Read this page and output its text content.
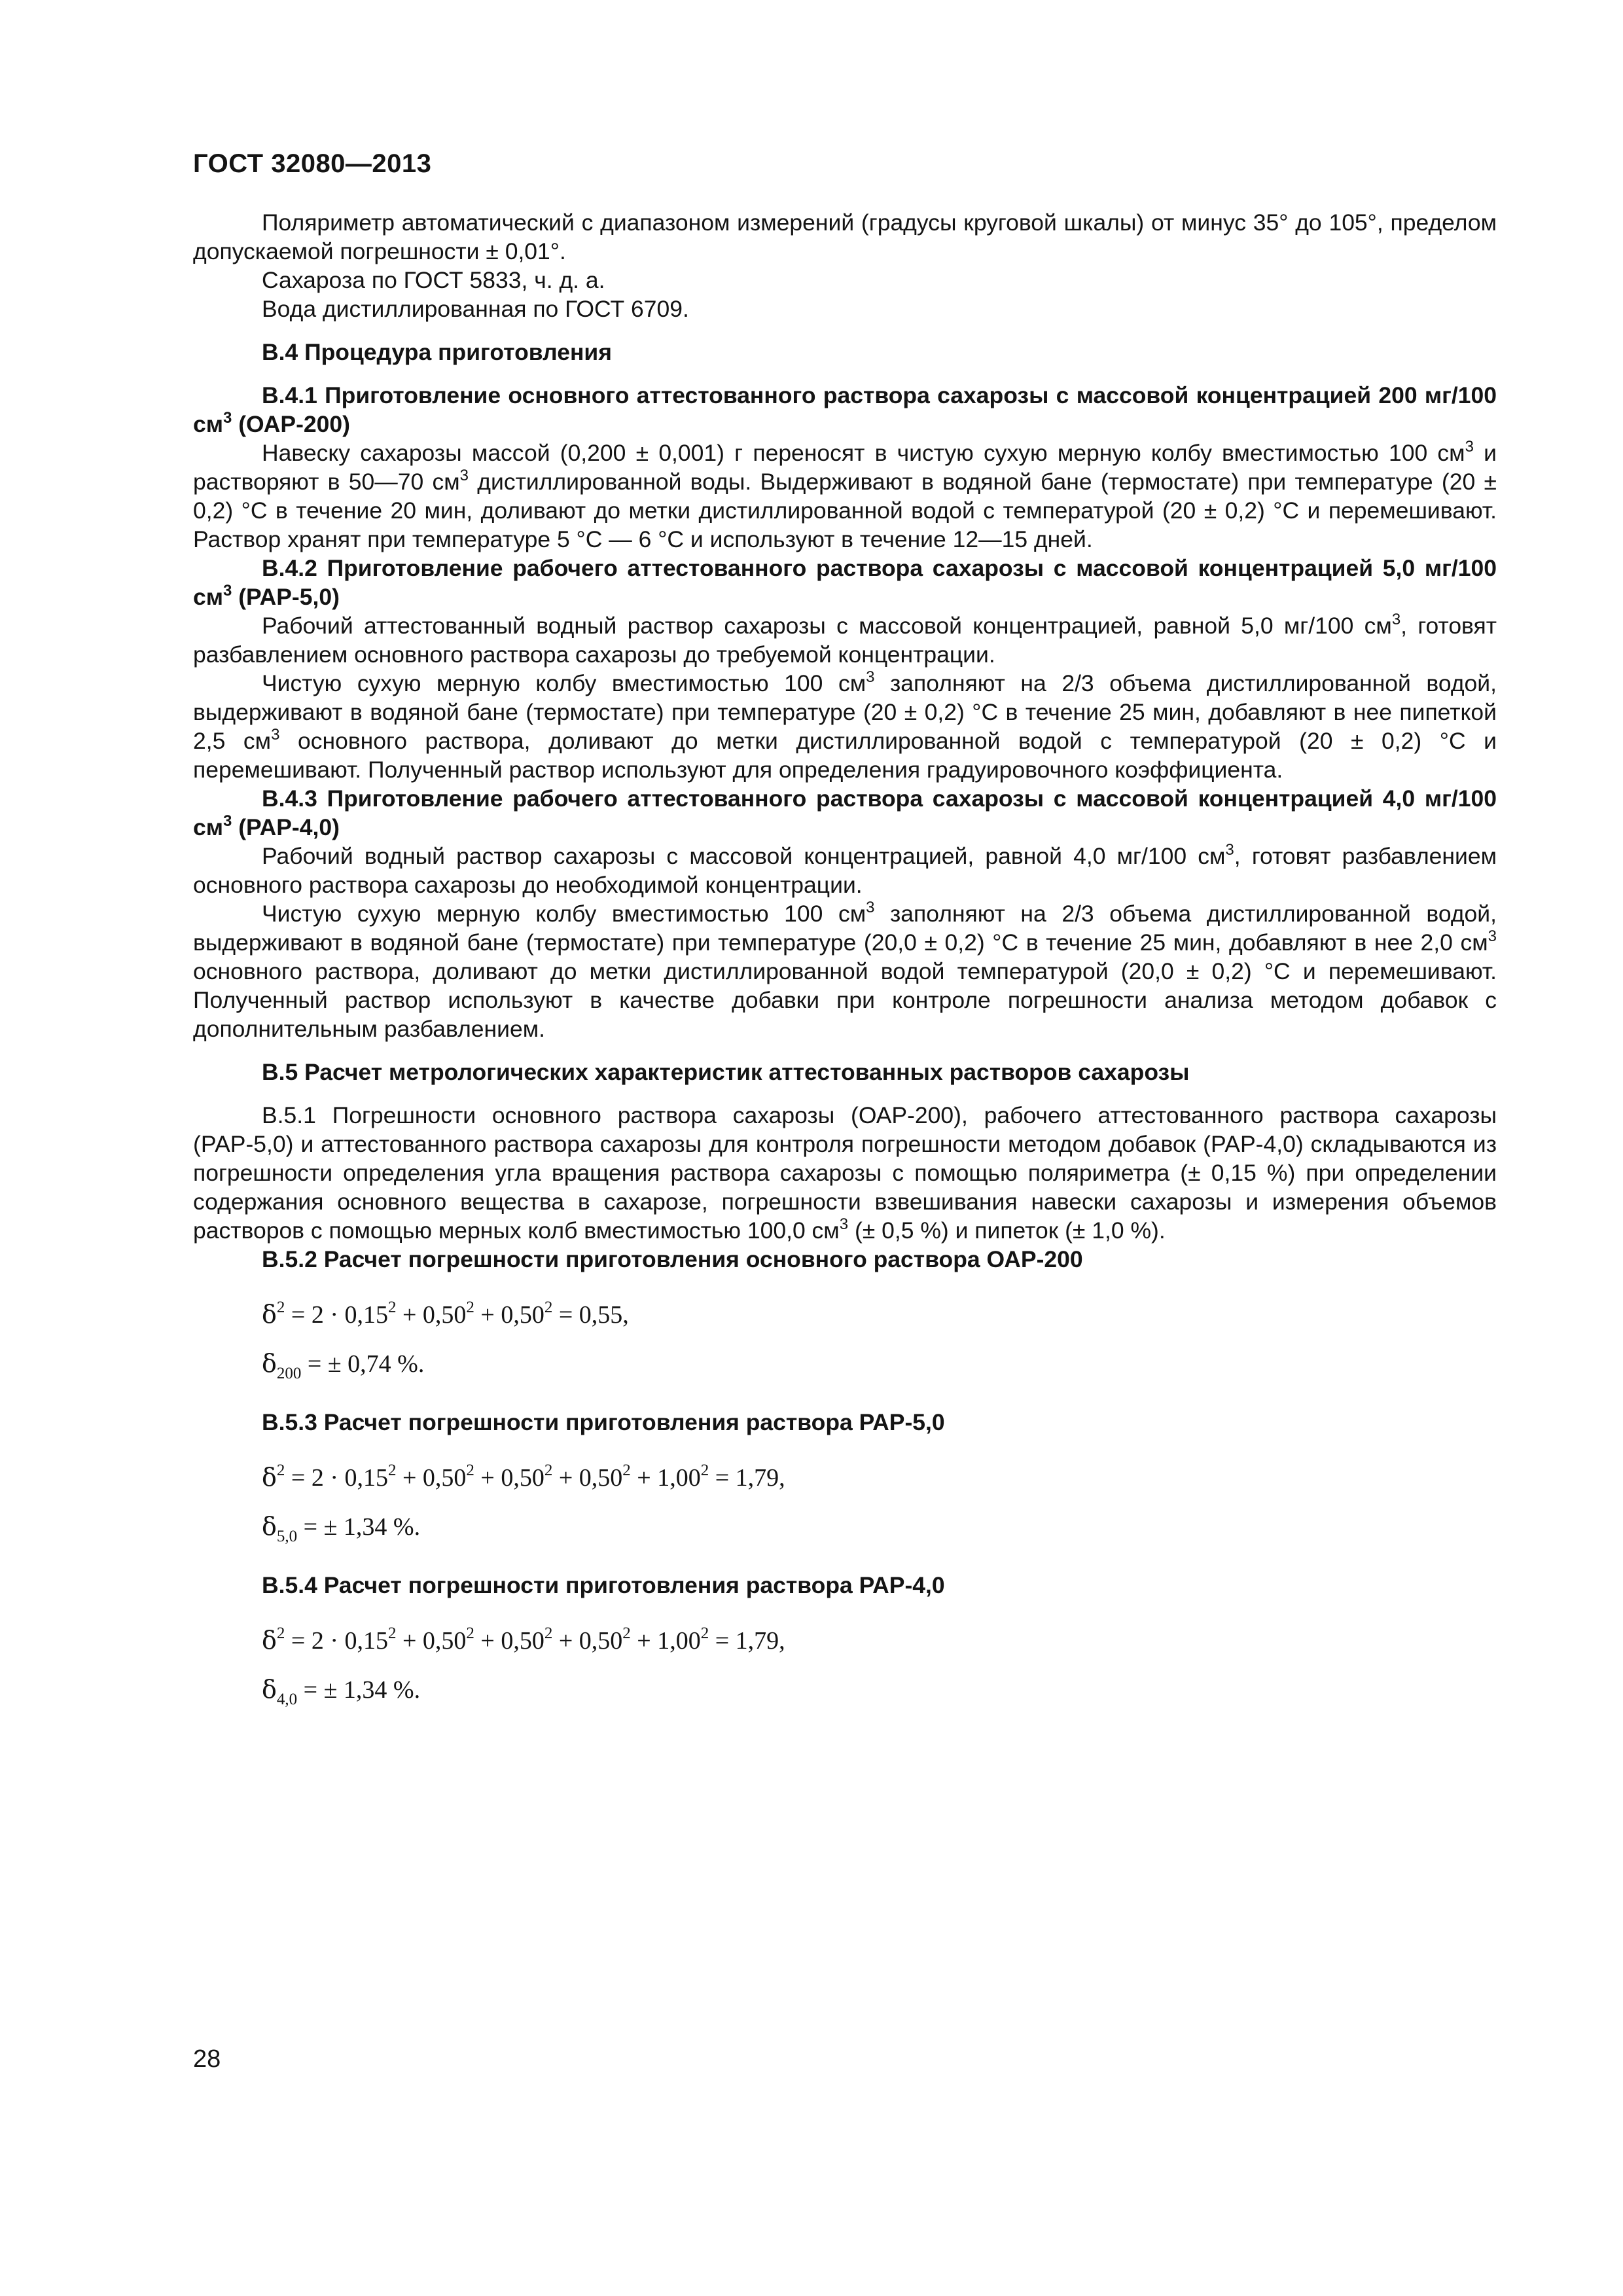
ГОСТ 32080—2013

Поляриметр автоматический с диапазоном измерений (градусы круговой шкалы) от минус 35° до 105°, пределом допускаемой погрешности ± 0,01°.

Сахароза по ГОСТ 5833, ч. д. а.

Вода дистиллированная по ГОСТ 6709.

В.4 Процедура приготовления

В.4.1 Приготовление основного аттестованного раствора сахарозы с массовой концентрацией 200 мг/100 $см^3$ (ОАР-200)

Навеску сахарозы массой (0,200 ± 0,001) г переносят в чистую сухую мерную колбу вместимостью 100 $см^3$ и растворяют в 50—70 $см^3$ дистиллированной воды. Выдерживают в водяной бане (термостате) при температуре (20 ± 0,2) °С в течение 20 мин, доливают до метки дистиллированной водой с температурой (20 ± 0,2) °С и перемешивают. Раствор хранят при температуре 5 °С — 6 °С и используют в течение 12—15 дней.

В.4.2 Приготовление рабочего аттестованного раствора сахарозы с массовой концентрацией 5,0 мг/100 $см^3$ (РАР-5,0)

Рабочий аттестованный водный раствор сахарозы с массовой концентрацией, равной 5,0 мг/100 $см^3$, готовят разбавлением основного раствора сахарозы до требуемой концентрации.

Чистую сухую мерную колбу вместимостью 100 $см^3$ заполняют на 2/3 объема дистиллированной водой, выдерживают в водяной бане (термостате) при температуре (20 ± 0,2) °С в течение 25 мин, добавляют в нее пипеткой 2,5 $см^3$ основного раствора, доливают до метки дистиллированной водой с температурой (20 ± 0,2) °С и перемешивают. Полученный раствор используют для определения градуировочного коэффициента.

В.4.3 Приготовление рабочего аттестованного раствора сахарозы с массовой концентрацией 4,0 мг/100 $см^3$ (РАР-4,0)

Рабочий водный раствор сахарозы с массовой концентрацией, равной 4,0 мг/100 $см^3$, готовят разбавлением основного раствора сахарозы до необходимой концентрации.

Чистую сухую мерную колбу вместимостью 100 $см^3$ заполняют на 2/3 объема дистиллированной водой, выдерживают в водяной бане (термостате) при температуре (20,0 ± 0,2) °С в течение 25 мин, добавляют в нее 2,0 $см^3$ основного раствора, доливают до метки дистиллированной водой температурой (20,0 ± 0,2) °С и перемешивают. Полученный раствор используют в качестве добавки при контроле погрешности анализа методом добавок с дополнительным разбавлением.

В.5 Расчет метрологических характеристик аттестованных растворов сахарозы

В.5.1 Погрешности основного раствора сахарозы (ОАР-200), рабочего аттестованного раствора сахарозы (РАР-5,0) и аттестованного раствора сахарозы для контроля погрешности методом добавок (РАР-4,0) складываются из погрешности определения угла вращения раствора сахарозы с помощью поляриметра (± 0,15 %) при определении содержания основного вещества в сахарозе, погрешности взвешивания навески сахарозы и измерения объемов растворов с помощью мерных колб вместимостью 100,0 $см^3$ (± 0,5 %) и пипеток (± 1,0 %).

В.5.2 Расчет погрешности приготовления основного раствора ОАР-200

$\delta^2 = 2 \cdot 0,15^2 + 0,50^2 + 0,50^2 = 0,55$,

$\delta_{200}$ = ± 0,74 %.

В.5.3 Расчет погрешности приготовления раствора РАР-5,0

$\delta^2 = 2 \cdot 0,15^2 + 0,50^2 + 0,50^2 + 0,50^2 + 1,00^2 = 1,79$,

$\delta_{5,0}$ = ± 1,34 %.

В.5.4 Расчет погрешности приготовления раствора РАР-4,0

$\delta^2 = 2 \cdot 0,15^2 + 0,50^2 + 0,50^2 + 0,50^2 + 1,00^2 = 1,79$,

$\delta_{4,0}$ = ± 1,34 %.

28
